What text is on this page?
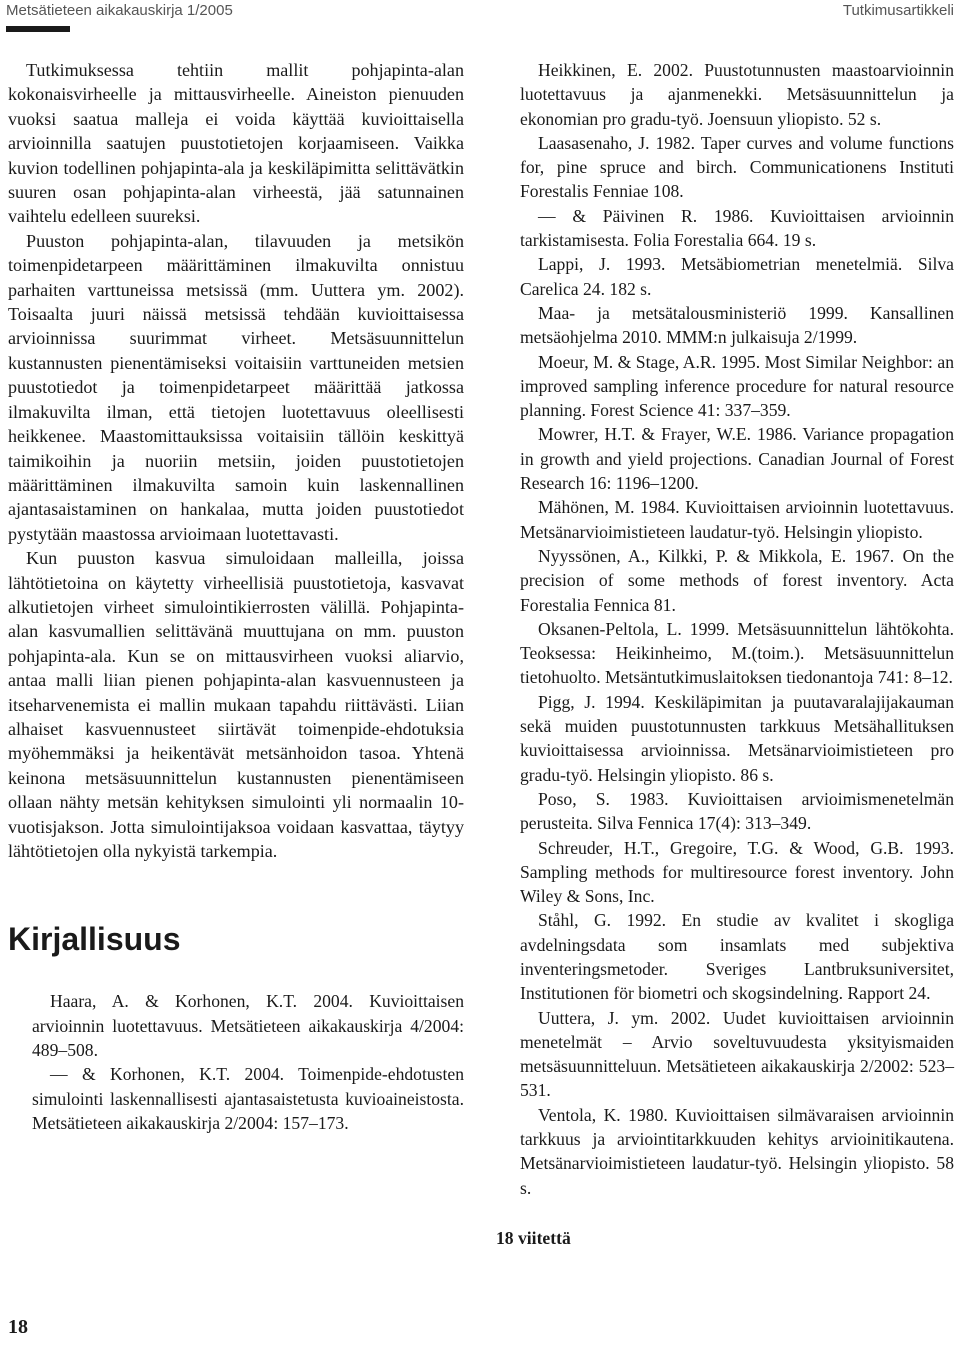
Metsätieteen aikakauskirja 1/2005	Tutkimusartikkeli

Tutkimuksessa tehtiin mallit pohjapinta-alan kokonaisvirheelle ja mittausvirheelle. Aineiston pienuuden vuoksi saatua malleja ei voida käyttää kuvioittaisella arvioinnilla saatujen puustotietojen korjaamiseen. Vaikka kuvion todellinen pohjapinta-ala ja keskiläpimitta selittävätkin suuren osan pohjapinta-alan virheestä, jää satunnainen vaihtelu edelleen suureksi.

Puuston pohjapinta-alan, tilavuuden ja metsikön toimenpidetarpeen määrittäminen ilmakuvilta onnistuu parhaiten varttuneissa metsissä (mm. Uuttera ym. 2002). Toisaalta juuri näissä metsissä tehdään kuvioittaisessa arvioinnissa suurimmat virheet. Metsäsuunnittelun kustannusten pienentämiseksi voitaisiin varttuneiden metsien puustotiedot ja toimenpidetarpeet määrittää jatkossa ilmakuvilta ilman, että tietojen luotettavuus oleellisesti heikkenee. Maastomittauksissa voitaisiin tällöin keskittyä taimikoihin ja nuoriin metsiin, joiden puustotietojen määrittäminen ilmakuvilta samoin kuin laskennallinen ajantasaistaminen on hankalaa, mutta joiden puustotiedot pystytään maastossa arvioimaan luotettavasti.

Kun puuston kasvua simuloidaan malleilla, joissa lähtötietoina on käytetty virheellisiä puustotietoja, kasvavat alkutietojen virheet simulointikierrosten välillä. Pohjapinta-alan kasvumallien selittävänä muuttujana on mm. puuston pohjapinta-ala. Kun se on mittausvirheen vuoksi aliarvio, antaa malli liian pienen pohjapinta-alan kasvuennusteen ja itseharvenemista ei mallin mukaan tapahdu riittävästi. Liian alhaiset kasvuennusteet siirtävät toimenpide-ehdotuksia myöhemmäksi ja heikentävät metsänhoidon tasoa. Yhtenä keinona metsäsuunnittelun kustannusten pienentämiseen ollaan nähty metsän kehityksen simulointi yli normaalin 10-vuotisjakson. Jotta simulointijaksoa voidaan kasvattaa, täytyy lähtötietojen olla nykyistä tarkempia.

Kirjallisuus

Haara, A. & Korhonen, K.T. 2004. Kuvioittaisen arvioinnin luotettavuus. Metsätieteen aikakauskirja 4/2004: 489–508.

— & Korhonen, K.T. 2004. Toimenpide-ehdotusten simulointi laskennallisesti ajantasaistetusta kuvioaineistosta. Metsätieteen aikakauskirja 2/2004: 157–173.

Heikkinen, E. 2002. Puustotunnusten maastoarvioinnin luotettavuus ja ajanmenekki. Metsäsuunnittelun ja ekonomian pro gradu-työ. Joensuun yliopisto. 52 s.

Laasasenaho, J. 1982. Taper curves and volume functions for, pine spruce and birch. Communicationens Instituti Forestalis Fenniae 108.

— & Päivinen R. 1986. Kuvioittaisen arvioinnin tarkistamisesta. Folia Forestalia 664. 19 s.

Lappi, J. 1993. Metsäbiometrian menetelmiä. Silva Carelica 24. 182 s.

Maa- ja metsätalousministeriö 1999. Kansallinen metsäohjelma 2010. MMM:n julkaisuja 2/1999.

Moeur, M. & Stage, A.R. 1995. Most Similar Neighbor: an improved sampling inference procedure for natural resource planning. Forest Science 41: 337–359.

Mowrer, H.T. & Frayer, W.E. 1986. Variance propagation in growth and yield projections. Canadian Journal of Forest Research 16: 1196–1200.

Mähönen, M. 1984. Kuvioittaisen arvioinnin luotettavuus. Metsänarvioimistieteen laudatur-työ. Helsingin yliopisto.

Nyyssönen, A., Kilkki, P. & Mikkola, E. 1967. On the precision of some methods of forest inventory. Acta Forestalia Fennica 81.

Oksanen-Peltola, L. 1999. Metsäsuunnittelun lähtökohta. Teoksessa: Heikinheimo, M.(toim.). Metsäsuunnittelun tietohuolto. Metsäntutkimuslaitoksen tiedonantoja 741: 8–12.

Pigg, J. 1994. Keskiläpimitan ja puutavaralajijakauman sekä muiden puustotunnusten tarkkuus Metsähallituksen kuvioittaisessa arvioinnissa. Metsänarvioimistieteen pro gradu-työ. Helsingin yliopisto. 86 s.

Poso, S. 1983. Kuvioittaisen arvioimismenetelmän perusteita. Silva Fennica 17(4): 313–349.

Schreuder, H.T., Gregoire, T.G. & Wood, G.B. 1993. Sampling methods for multiresource forest inventory. John Wiley & Sons, Inc.

Ståhl, G. 1992. En studie av kvalitet i skogliga avdelningsdata som insamlats med subjektiva inventeringsmetoder. Sveriges Lantbruksuniversitet, Institutionen för biometri och skogsindelning. Rapport 24.

Uuttera, J. ym. 2002. Uudet kuvioittaisen arvioinnin menetelmät – Arvio soveltuvuudesta yksityismaiden metsäsuunnitteluun. Metsätieteen aikakauskirja 2/2002: 523–531.

Ventola, K. 1980. Kuvioittaisen silmävaraisen arvioinnin tarkkuus ja arviointitarkkuuden kehitys arvioinitikautena. Metsänarvioimistieteen laudatur-työ. Helsingin yliopisto. 58 s.

18 viitettä
18
